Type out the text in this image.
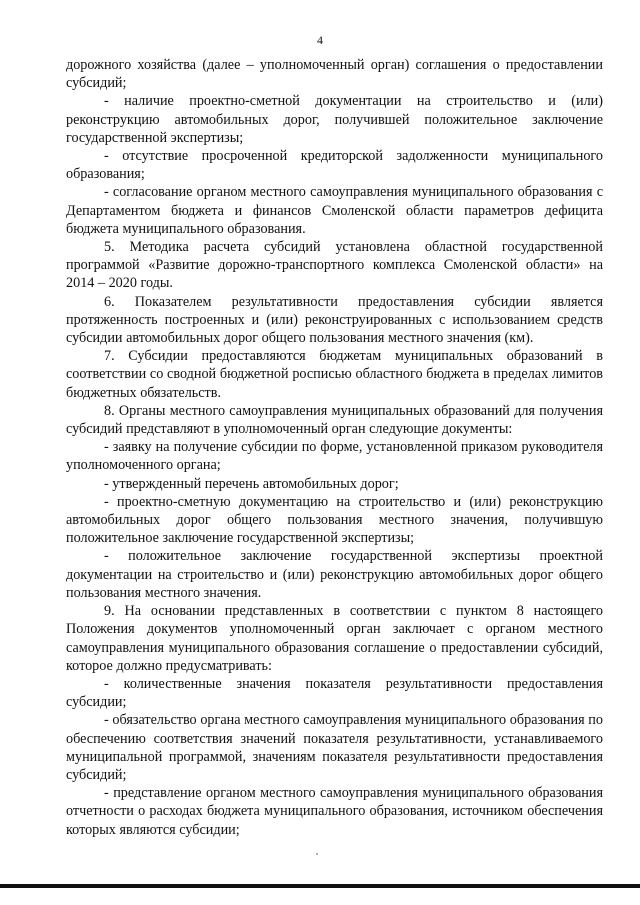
4

дорожного хозяйства (далее – уполномоченный орган) соглашения о предоставлении субсидий;

- наличие проектно-сметной документации на строительство и (или) реконструкцию автомобильных дорог, получившей положительное заключение государственной экспертизы;

- отсутствие просроченной кредиторской задолженности муниципального образования;

- согласование органом местного самоуправления муниципального образования с Департаментом бюджета и финансов Смоленской области параметров дефицита бюджета муниципального образования.

5. Методика расчета субсидий установлена областной государственной программой «Развитие дорожно-транспортного комплекса Смоленской области» на 2014 – 2020 годы.

6. Показателем результативности предоставления субсидии является протяженность построенных и (или) реконструированных с использованием средств субсидии автомобильных дорог общего пользования местного значения (км).

7. Субсидии предоставляются бюджетам муниципальных образований в соответствии со сводной бюджетной росписью областного бюджета в пределах лимитов бюджетных обязательств.

8. Органы местного самоуправления муниципальных образований для получения субсидий представляют в уполномоченный орган следующие документы:

- заявку на получение субсидии по форме, установленной приказом руководителя уполномоченного органа;

- утвержденный перечень автомобильных дорог;

- проектно-сметную документацию на строительство и (или) реконструкцию автомобильных дорог общего пользования местного значения, получившую положительное заключение государственной экспертизы;

- положительное заключение государственной экспертизы проектной документации на строительство и (или) реконструкцию автомобильных дорог общего пользования местного значения.

9. На основании представленных в соответствии с пунктом 8 настоящего Положения документов уполномоченный орган заключает с органом местного самоуправления муниципального образования соглашение о предоставлении субсидий, которое должно предусматривать:

- количественные значения показателя результативности предоставления субсидии;

- обязательство органа местного самоуправления муниципального образования по обеспечению соответствия значений показателя результативности, устанавливаемого муниципальной программой, значениям показателя результативности предоставления субсидий;

- представление органом местного самоуправления муниципального образования отчетности о расходах бюджета муниципального образования, источником обеспечения которых являются субсидии;
